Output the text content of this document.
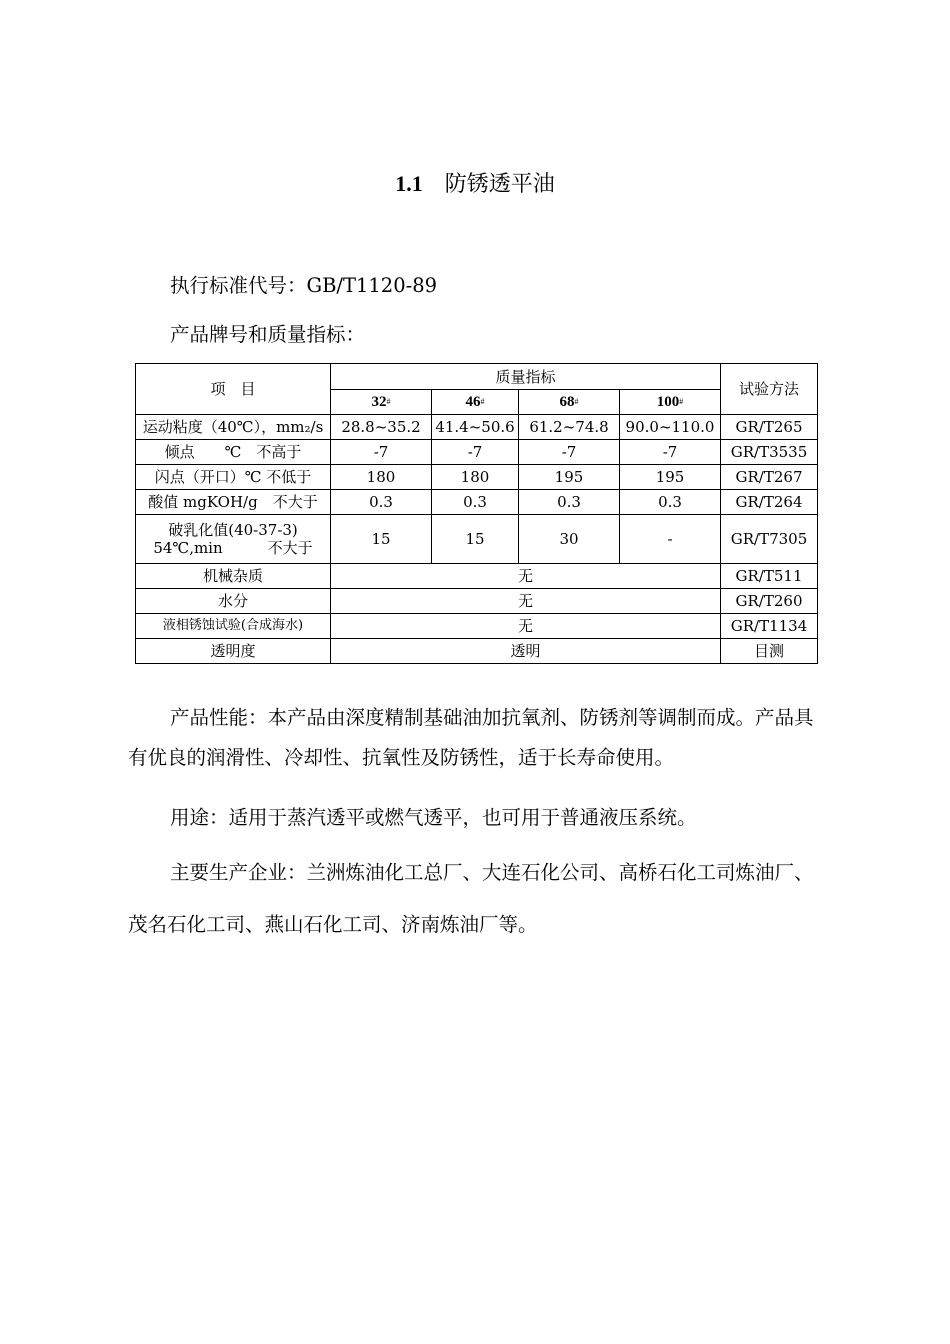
1.1 防锈透平油

执行标准代号：GB/T1120-89

产品牌号和质量指标：

项　目	质量指标				试验方法
	32#	46#	68#	100#
运动粘度（40℃），mm₂/s	28.8~35.2	41.4~50.6	61.2~74.8	90.0~110.0	GR/T265
倾点　　℃　不高于	-7	-7	-7	-7	GR/T3535
闪点（开口）℃ 不低于	180	180	195	195	GR/T267
酸值 mgKOH/g　不大于	0.3	0.3	0.3	0.3	GR/T264

破乳化值(40-37-3)
54℃,min　　　不大于	15	15	30	-	GR/T7305
机械杂质	无				GR/T511
水分	无				GR/T260
液相锈蚀试验(合成海水)	无				GR/T1134
透明度	透明				目测

产品性能：本产品由深度精制基础油加抗氧剂、防锈剂等调制而成。产品具有优良的润滑性、冷却性、抗氧性及防锈性，适于长寿命使用。

用途：适用于蒸汽透平或燃气透平，也可用于普通液压系统。

主要生产企业：兰洲炼油化工总厂、大连石化公司、高桥石化工司炼油厂、茂名石化工司、燕山石化工司、济南炼油厂等。
